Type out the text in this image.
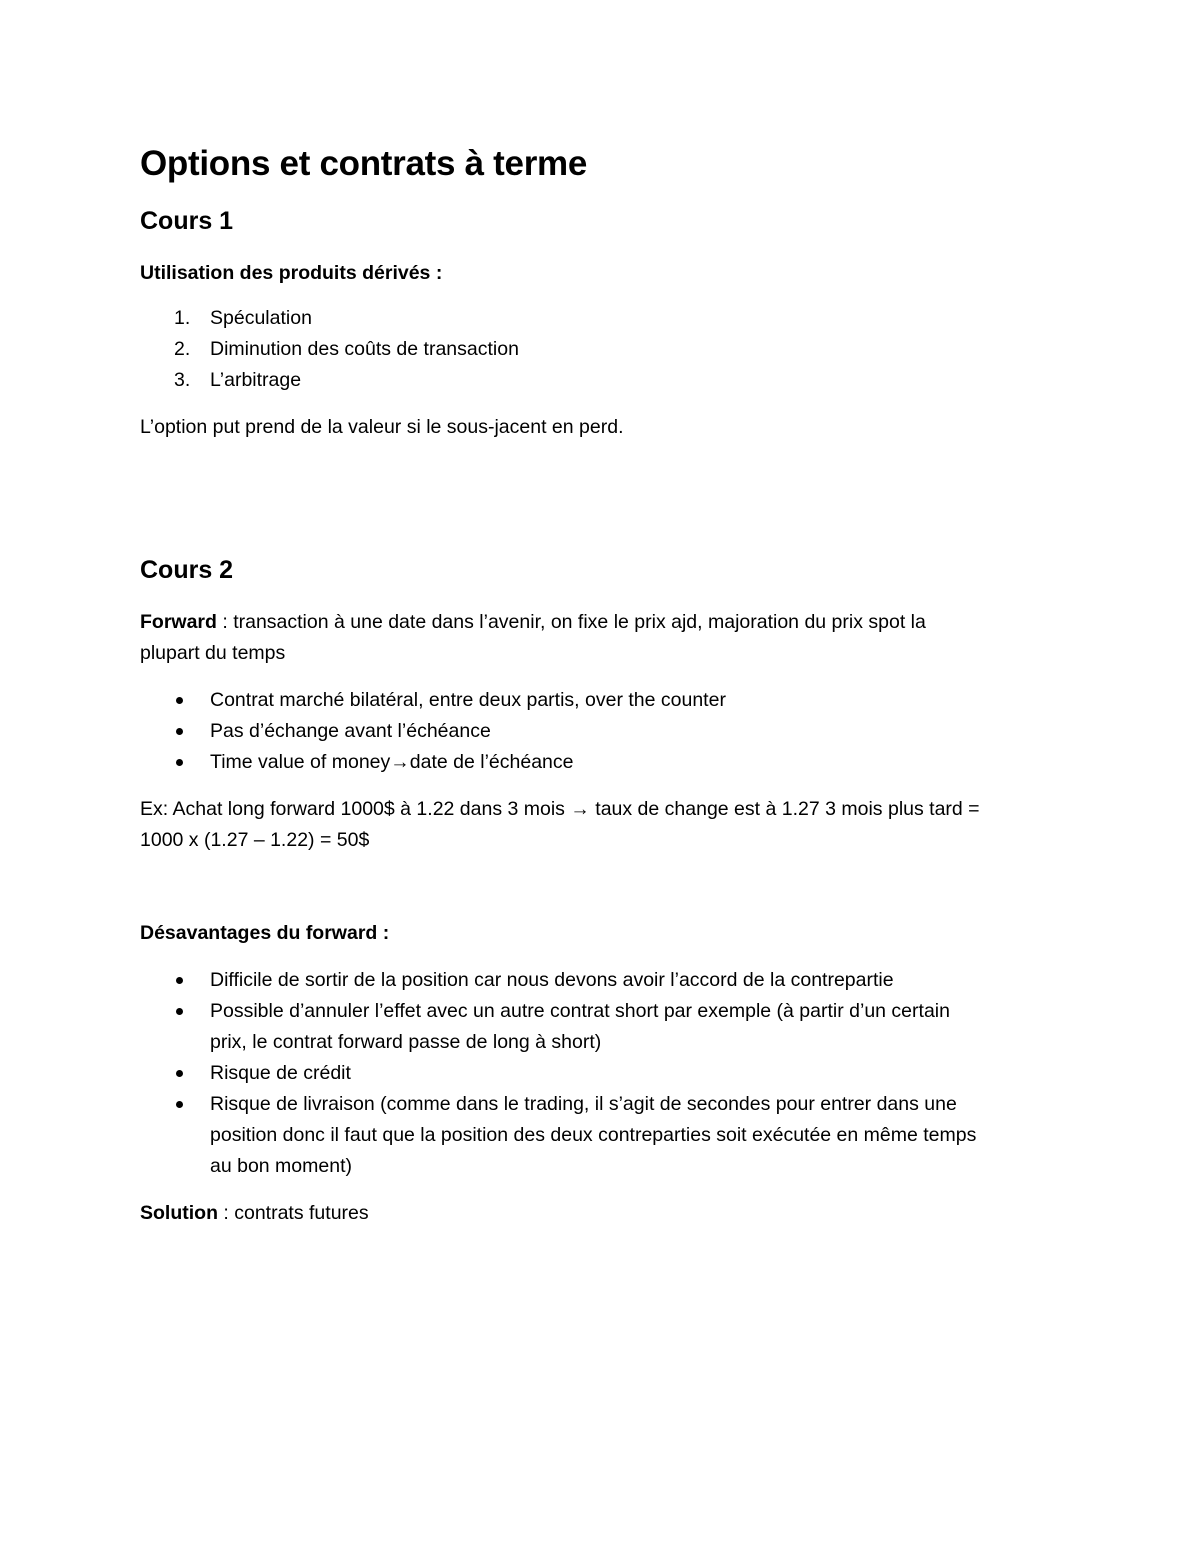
Options et contrats à terme
Cours 1

Utilisation des produits dérivés :

1. Spéculation
2. Diminution des coûts de transaction
3. L’arbitrage

L’option put prend de la valeur si le sous-jacent en perd.

Cours 2

Forward : transaction à une date dans l’avenir, on fixe le prix ajd, majoration du prix spot la
plupart du temps

Contrat marché bilatéral, entre deux partis, over the counter
Pas d’échange avant l’échéance
Time value of money→date de l’échéance

Ex: Achat long forward 1000$ à 1.22 dans 3 mois → taux de change est à 1.27 3 mois plus tard =
1000 x (1.27 – 1.22) = 50$

Désavantages du forward :

Difficile de sortir de la position car nous devons avoir l’accord de la contrepartie
Possible d’annuler l’effet avec un autre contrat short par exemple (à partir d’un certain
prix, le contrat forward passe de long à short)
Risque de crédit
Risque de livraison (comme dans le trading, il s’agit de secondes pour entrer dans une
position donc il faut que la position des deux contreparties soit exécutée en même temps
au bon moment)

Solution : contrats futures
